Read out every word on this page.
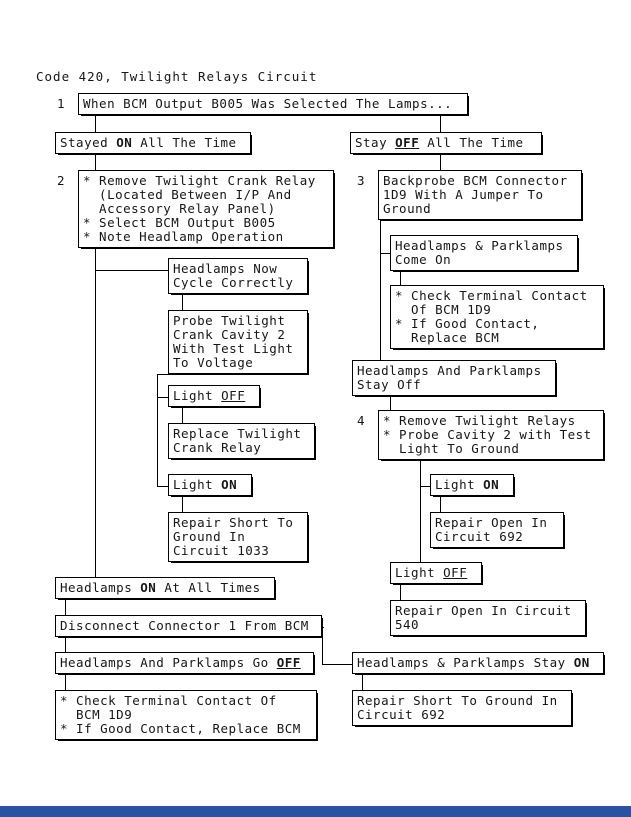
Code 420, Twilight Relays Circuit
1
2	3
4
When BCM Output B005 Was Selected The Lamps...
Stayed ON All The Time	Stay OFF All The Time
* Remove Twilight Crank Relay
(Located Between I/P And
Accessory Relay Panel)
* Select BCM Output B005
* Note Headlamp Operation
Backprobe BCM Connector
1D9 With A Jumper To
Ground
Headlamps Now
Cycle Correctly
Probe Twilight
Crank Cavity 2
With Test Light
To Voltage
Light OFF
Replace Twilight
Crank Relay
Light ON
Repair Short To
Ground In
Circuit 1033
Headlamps ON At All Times
Disconnect Connector 1 From BCM
Headlamps And Parklamps Go OFF
* Check Terminal Contact Of
BCM 1D9
* If Good Contact, Replace BCM
Headlamps & Parklamps
Come On
* Check Terminal Contact
Of BCM 1D9
* If Good Contact,
Replace BCM
Headlamps And Parklamps
Stay Off
* Remove Twilight Relays
* Probe Cavity 2 with Test
Light To Ground
Light ON
Repair Open In
Circuit 692
Light OFF
Repair Open In Circuit
540
Headlamps & Parklamps Stay ON
Repair Short To Ground In
Circuit 692
